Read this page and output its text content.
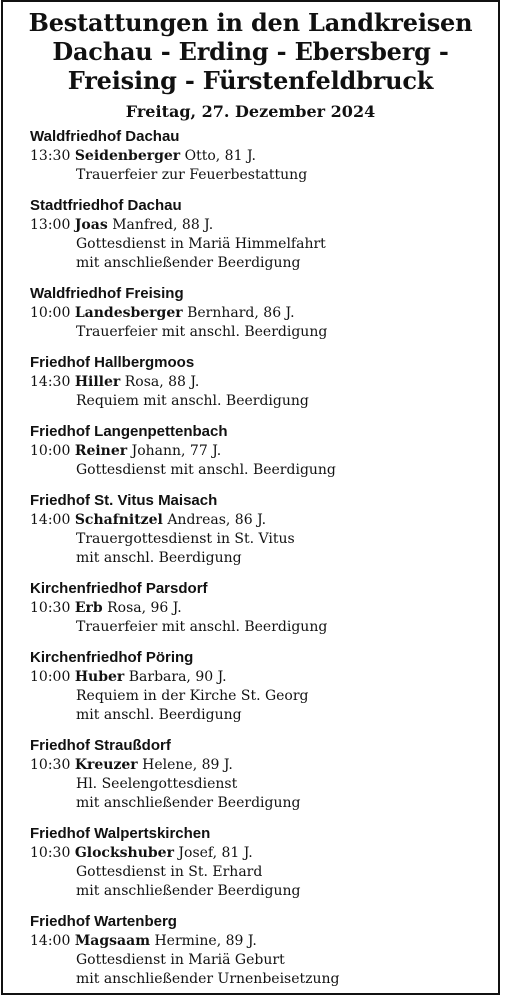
Bestattungen in den Landkreisen
Dachau - Erding - Ebersberg -
Freising - Fürstenfeldbruck
Freitag, 27. Dezember 2024
Waldfriedhof Dachau
13:30 Seidenberger Otto, 81 J.
Trauerfeier zur Feuerbestattung
Stadtfriedhof Dachau
13:00 Joas Manfred, 88 J.
Gottesdienst in Mariä Himmelfahrt
mit anschließender Beerdigung
Waldfriedhof Freising
10:00 Landesberger Bernhard, 86 J.
Trauerfeier mit anschl. Beerdigung
Friedhof Hallbergmoos
14:30 Hiller Rosa, 88 J.
Requiem mit anschl. Beerdigung
Friedhof Langenpettenbach
10:00 Reiner Johann, 77 J.
Gottesdienst mit anschl. Beerdigung
Friedhof St. Vitus Maisach
14:00 Schafnitzel Andreas, 86 J.
Trauergottesdienst in St. Vitus
mit anschl. Beerdigung
Kirchenfriedhof Parsdorf
10:30 Erb Rosa, 96 J.
Trauerfeier mit anschl. Beerdigung
Kirchenfriedhof Pöring
10:00 Huber Barbara, 90 J.
Requiem in der Kirche St. Georg
mit anschl. Beerdigung
Friedhof Straußdorf
10:30 Kreuzer Helene, 89 J.
Hl. Seelengottesdienst
mit anschließender Beerdigung
Friedhof Walpertskirchen
10:30 Glockshuber Josef, 81 J.
Gottesdienst in St. Erhard
mit anschließender Beerdigung
Friedhof Wartenberg
14:00 Magsaam Hermine, 89 J.
Gottesdienst in Mariä Geburt
mit anschließender Urnenbeisetzung
